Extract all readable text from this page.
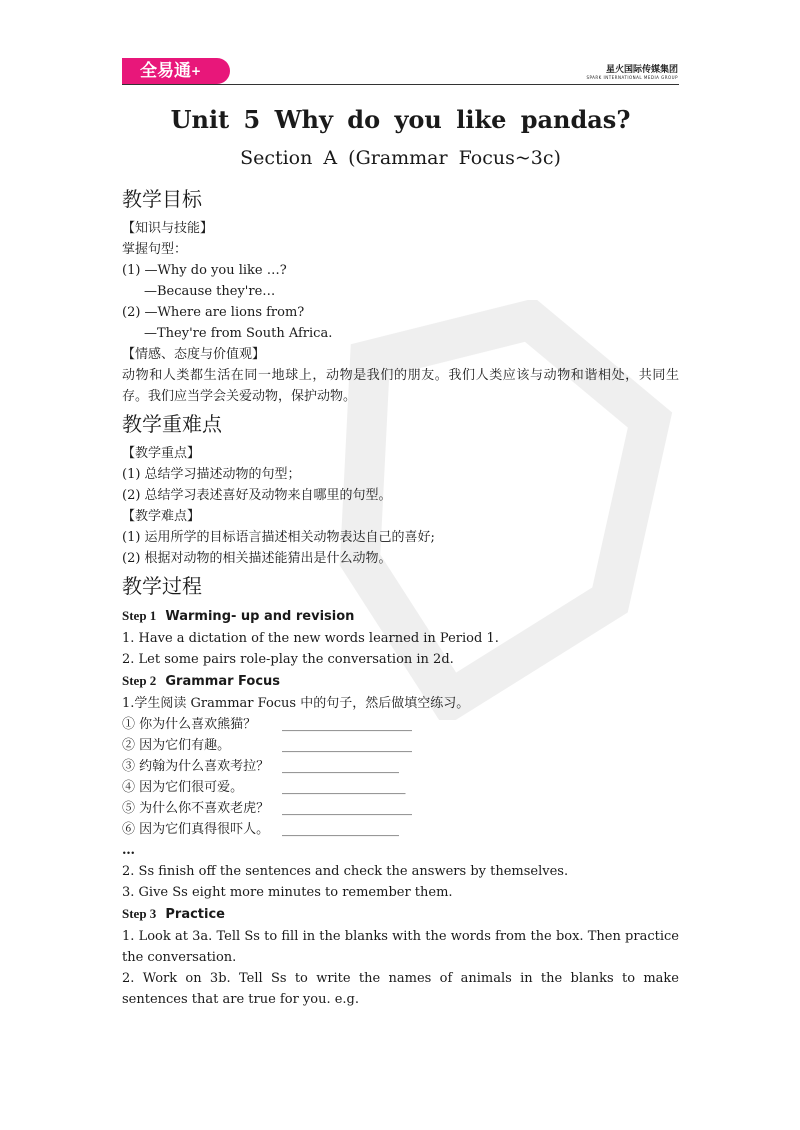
全易通+	星火国际传媒集团
SPARK INTERNATIONAL MEDIA GROUP
Unit 5 Why do you like pandas?
Section A (Grammar Focus~3c)
教学目标
【知识与技能】
掌握句型：
(1) —Why do you like …?
—Because they're…
(2) —Where are lions from?
—They're from South Africa.
【情感、态度与价值观】
动物和人类都生活在同一地球上，动物是我们的朋友。我们人类应该与动物和谐相处，共同生存。我们应当学会关爱动物，保护动物。
教学重难点
【教学重点】
(1) 总结学习描述动物的句型；
(2) 总结学习表述喜好及动物来自哪里的句型。
【教学难点】
(1) 运用所学的目标语言描述相关动物表达自己的喜好;
(2) 根据对动物的相关描述能猜出是什么动物。
教学过程
Step 1 Warming- up and revision
1. Have a dictation of the new words learned in Period 1.
2. Let some pairs role-play the conversation in 2d.
Step 2 Grammar Focus
1.学生阅读 Grammar Focus 中的句子，然后做填空练习。
① 你为什么喜欢熊猫？	____________________
② 因为它们有趣。	____________________
③ 约翰为什么喜欢考拉？ __________________
④ 因为它们很可爱。	___________________
⑤ 为什么你不喜欢老虎？ ____________________
⑥ 因为它们真得很吓人。 __________________
…
2. Ss finish off the sentences and check the answers by themselves.
3. Give Ss eight more minutes to remember them.
Step 3 Practice
1. Look at 3a. Tell Ss to fill in the blanks with the words from the box. Then practice the conversation.
2. Work on 3b. Tell Ss to write the names of animals in the blanks to make sentences that are true for you. e.g.
